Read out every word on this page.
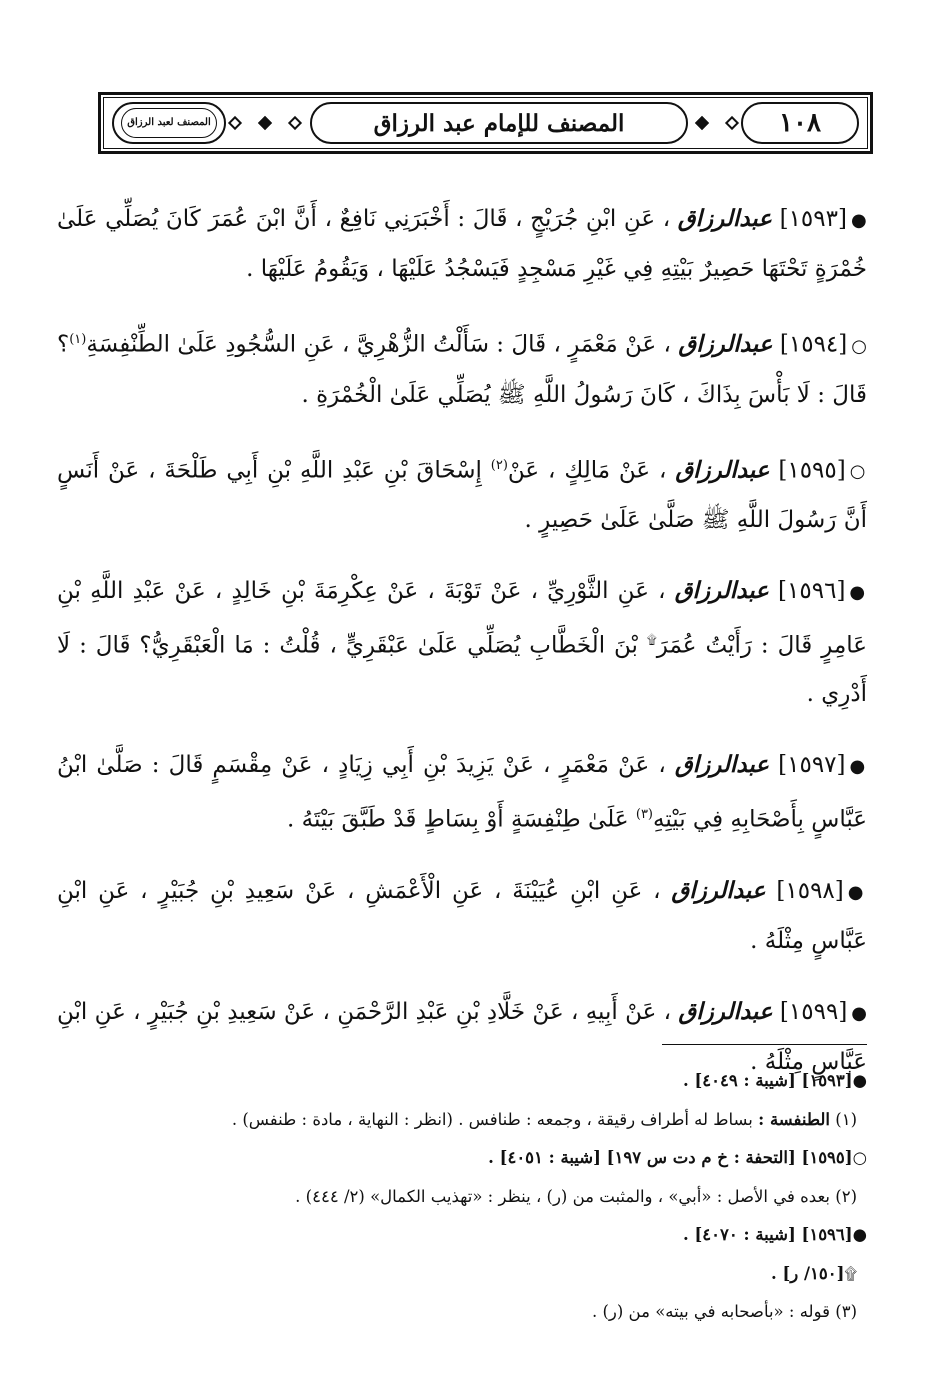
١٠٨
المصنف للإمام عبد الرزاق
المصنف لعبد الرزاق

●[١٥٩٣] عبدالرزاق ، عَنِ ابْنِ جُرَيْجٍ ، قَالَ : أَخْبَرَنِي نَافِعٌ ، أَنَّ ابْنَ عُمَرَ كَانَ يُصَلِّي عَلَىٰ خُمْرَةٍ تَحْتَهَا حَصِيرٌ بَيْتِهِ فِي غَيْرِ مَسْجِدٍ فَيَسْجُدُ عَلَيْهَا ، وَيَقُومُ عَلَيْهَا .

○[١٥٩٤] عبدالرزاق ، عَنْ مَعْمَرٍ ، قَالَ : سَأَلْتُ الزُّهْرِيَّ ، عَنِ السُّجُودِ عَلَىٰ الطِّنْفِسَةِ$^{(١)}$؟ قَالَ : لَا بَأْسَ بِذَاكَ ، كَانَ رَسُولُ اللَّهِ ﷺ يُصَلِّي عَلَىٰ الْخُمْرَةِ .

○[١٥٩٥] عبدالرزاق ، عَنْ مَالِكٍ ، عَنْ$^{(٢)}$ إِسْحَاقَ بْنِ عَبْدِ اللَّهِ بْنِ أَبِي طَلْحَةَ ، عَنْ أَنَسٍ أَنَّ رَسُولَ اللَّهِ ﷺ صَلَّىٰ عَلَىٰ حَصِيرٍ .

●[١٥٩٦] عبدالرزاق ، عَنِ الثَّوْرِيِّ ، عَنْ تَوْبَةَ ، عَنْ عِكْرِمَةَ بْنِ خَالِدٍ ، عَنْ عَبْدِ اللَّهِ بْنِ عَامِرٍ قَالَ : رَأَيْتُ عُمَرَ۩ بْنَ الْخَطَّابِ يُصَلِّي عَلَىٰ عَبْقَرِيٍّ ، قُلْتُ : مَا الْعَبْقَرِيُّ؟ قَالَ : لَا أَدْرِي .

●[١٥٩٧] عبدالرزاق ، عَنْ مَعْمَرٍ ، عَنْ يَزِيدَ بْنِ أَبِي زِيَادٍ ، عَنْ مِقْسَمٍ قَالَ : صَلَّىٰ ابْنُ عَبَّاسٍ بِأَصْحَابِهِ فِي بَيْتِهِ$^{(٣)}$ عَلَىٰ طِنْفِسَةٍ أَوْ بِسَاطٍ قَدْ طَبَّقَ بَيْتَهُ .

●[١٥٩٨] عبدالرزاق ، عَنِ ابْنِ عُيَيْنَةَ ، عَنِ الْأَعْمَشِ ، عَنْ سَعِيدِ بْنِ جُبَيْرٍ ، عَنِ ابْنِ عَبَّاسٍ مِثْلَهُ .

●[١٥٩٩] عبدالرزاق ، عَنْ أَبِيهِ ، عَنْ خَلَّادِ بْنِ عَبْدِ الرَّحْمَنِ ، عَنْ سَعِيدِ بْنِ جُبَيْرٍ ، عَنِ ابْنِ عَبَّاسٍ مِثْلَهُ .

●[١٥٩٣] [شيبة : ٤٠٤٩] .
(١) الطنفسة : بساط له أطراف رقيقة ، وجمعه : طنافس . (انظر : النهاية ، مادة : طنفس) .
○[١٥٩٥] [التحفة : خ م دت س ١٩٧] [شيبة : ٤٠٥١] .
(٢) بعده في الأصل : «أبي» ، والمثبت من (ر) ، ينظر : «تهذيب الكمال» (٢/ ٤٤٤) .
●[١٥٩٦] [شيبة : ٤٠٧٠] .
۩[١٥٠/ ر] .
(٣) قوله : «بأصحابه في بيته» من (ر) .
